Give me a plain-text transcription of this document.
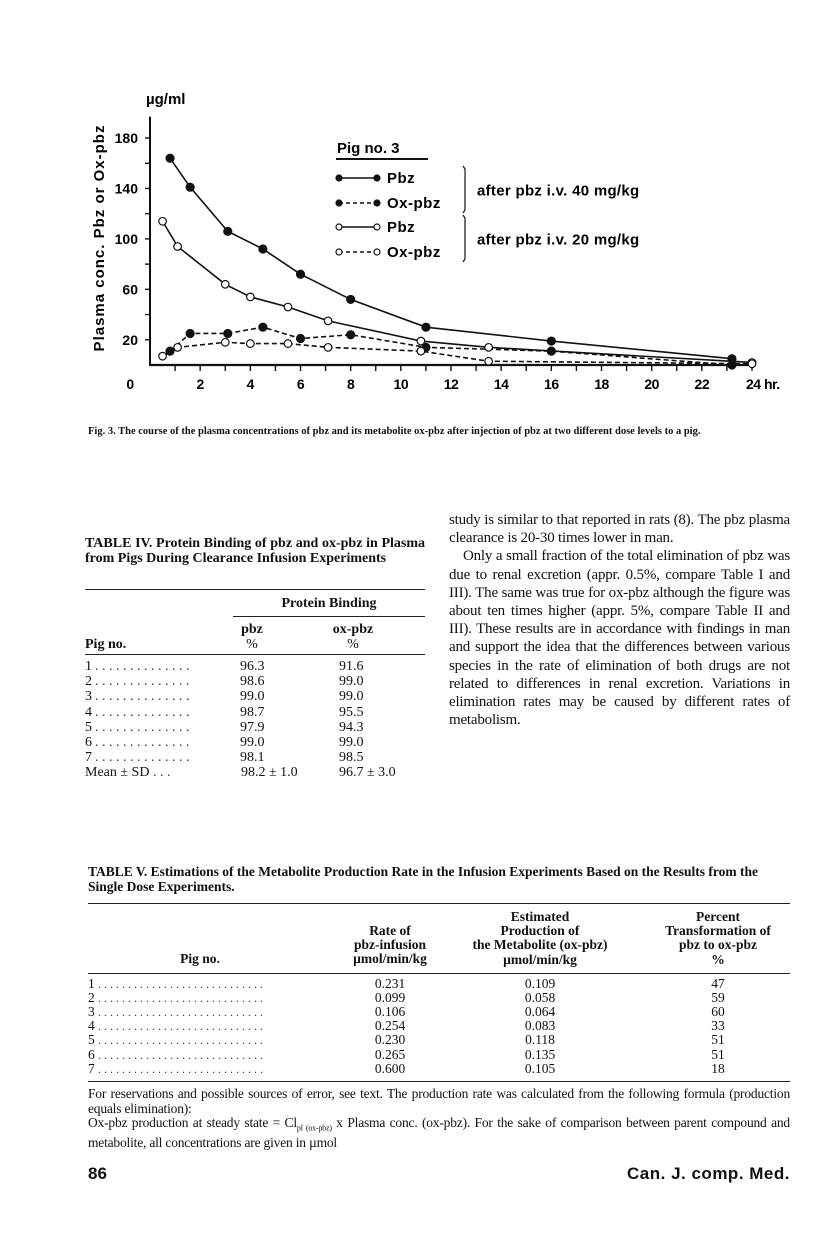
20
60
100
140
180
0	2	4	6	8	10	12	14	16	18	20	22	24 hr.
µg/ml
Plasma conc. Pbz or Ox-pbz	Pig no. 3
Pbz
Ox-pbz
Pbz
Ox-pbz
after pbz i.v. 40 mg/kg
after pbz i.v. 20 mg/kg
Fig. 3. The course of the plasma concentrations of pbz and its metabolite ox-pbz after injection of pbz at two different dose levels to a pig.
TABLE IV. Protein Binding of pbz and ox-pbz in Plasma from Pigs During Clearance Infusion Experiments
Protein Binding
Pig no.
pbz
%
ox-pbz
%
1 . . . . . . . . . . . . . .	96.3	91.6
2 . . . . . . . . . . . . . .	98.6	99.0
3 . . . . . . . . . . . . . .	99.0	99.0
4 . . . . . . . . . . . . . .	98.7	95.5
5 . . . . . . . . . . . . . .	97.9	94.3
6 . . . . . . . . . . . . . .	99.0	99.0
7 . . . . . . . . . . . . . .	98.1	98.5
Mean ± SD . . .	98.2 ± 1.0	96.7 ± 3.0

study is similar to that reported in rats (8). The pbz plasma clearance is 20-30 times lower in man.

Only a small fraction of the total elimination of pbz was due to renal excretion (appr. 0.5%, compare Table I and III). The same was true for ox-pbz although the figure was about ten times higher (appr. 5%, compare Table II and III). These results are in accordance with findings in man and support the idea that the differences between various species in the rate of elimination of both drugs are not related to differences in renal excretion. Variations in elimination rates may be caused by different rates of metabolism.

TABLE V. Estimations of the Metabolite Production Rate in the Infusion Experiments Based on the Results from the Single Dose Experiments.
Pig no.
Rate of
pbz-infusion
µmol/min/kg
Estimated
Production of
the Metabolite (ox-pbz)
µmol/min/kg
Percent
Transformation of
pbz to ox-pbz
%
1	0.231	0.109	47
. . . . . . . . . . . . . . . . . . . . . . . . . . . .
2	0.099	0.058	59
. . . . . . . . . . . . . . . . . . . . . . . . . . . .
3	0.106	0.064	60
. . . . . . . . . . . . . . . . . . . . . . . . . . . .
4	0.254	0.083	33
. . . . . . . . . . . . . . . . . . . . . . . . . . . .
5	0.230	0.118	51
. . . . . . . . . . . . . . . . . . . . . . . . . . . .
6	0.265	0.135	51
. . . . . . . . . . . . . . . . . . . . . . . . . . . .
7	0.600	0.105	18
. . . . . . . . . . . . . . . . . . . . . . . . . . . .

For reservations and possible sources of error, see text. The production rate was calculated from the following formula (production equals elimination):

Ox-pbz production at steady state = $Cl_{pl (ox-pbz)}$ x Plasma conc. (ox-pbz). For the sake of comparison between parent compound and metabolite, all concentrations are given in µmol

86	Can. J. comp. Med.
